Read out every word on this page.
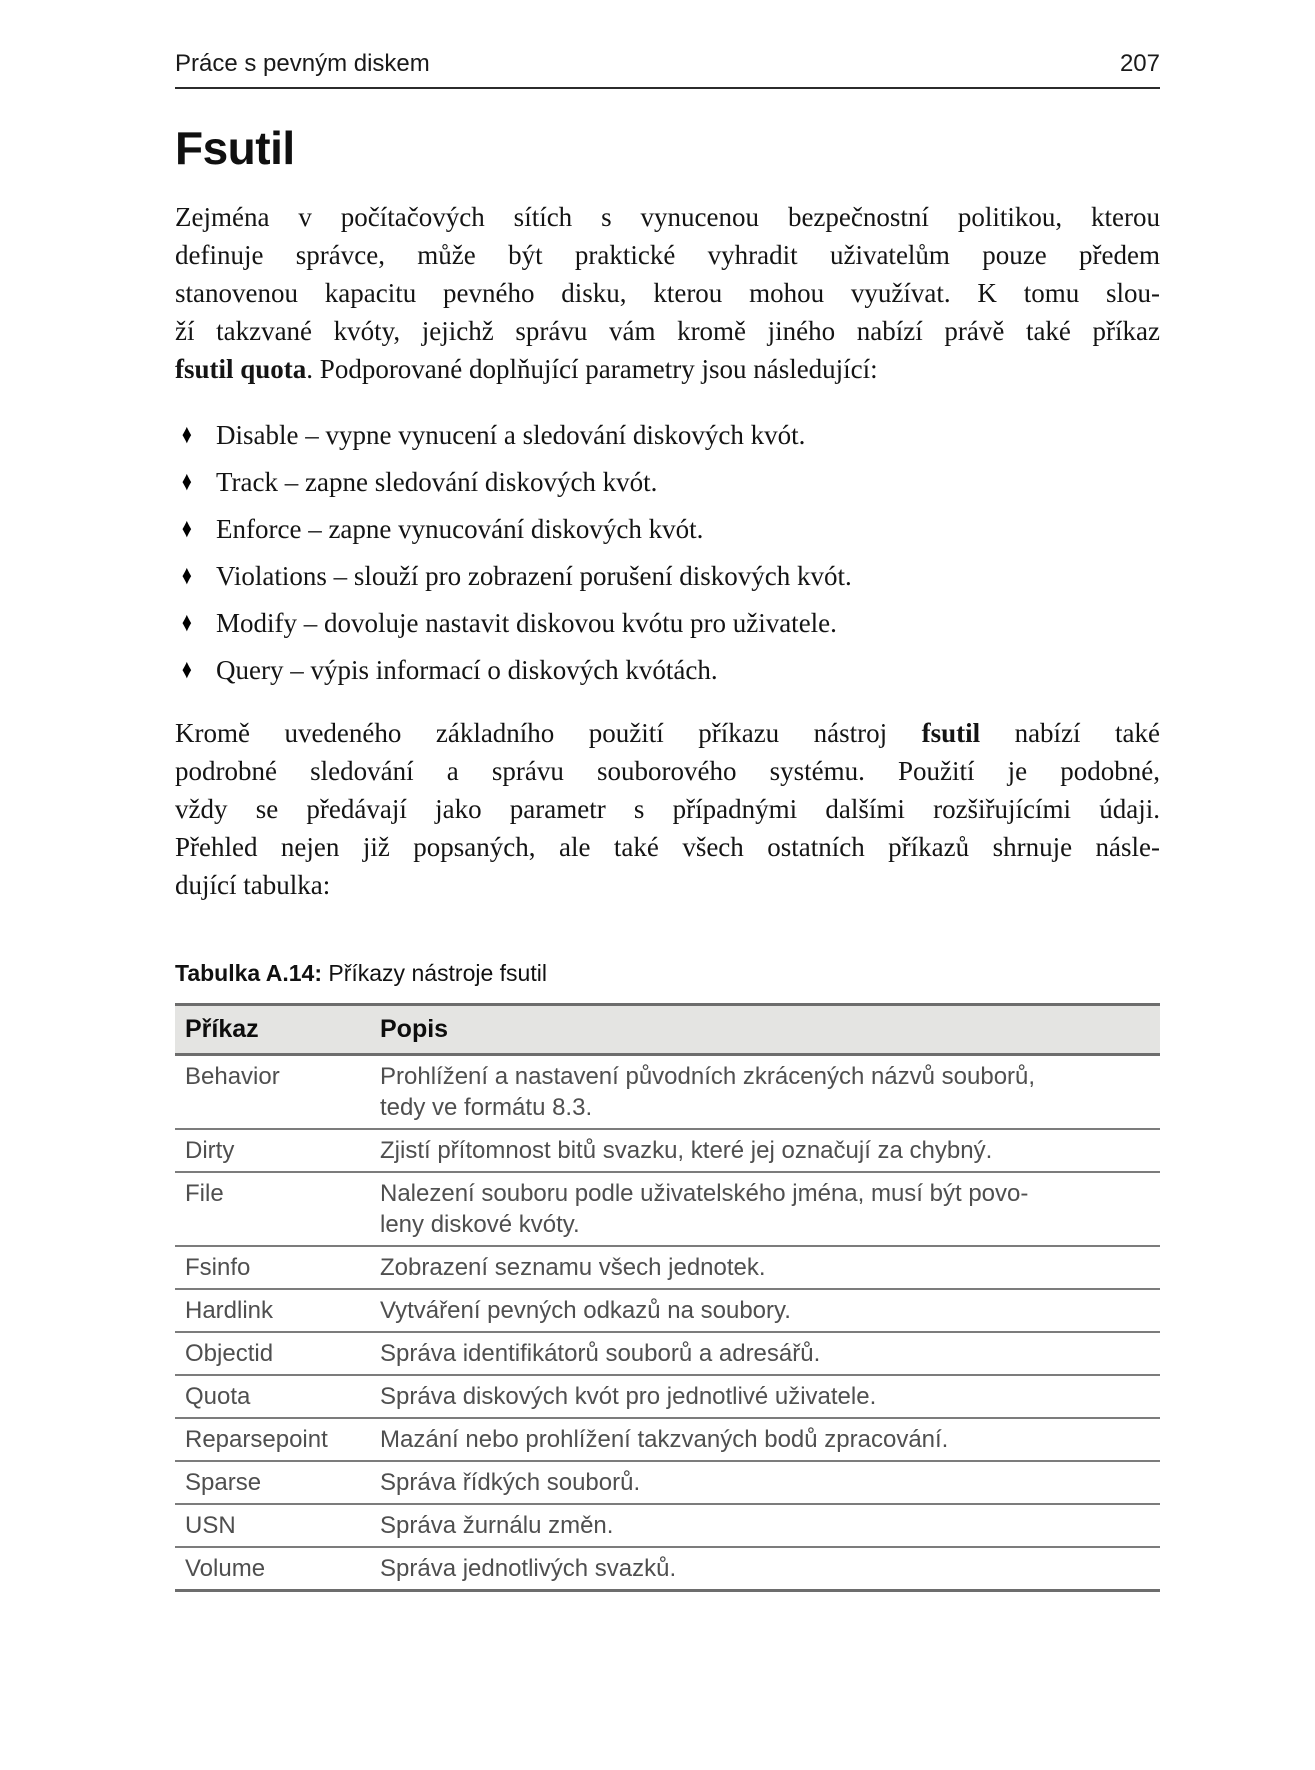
Práce s pevným diskem	207
Fsutil
Zejména v počítačových sítích s vynucenou bezpečnostní politikou, kterou
definuje správce, může být praktické vyhradit uživatelům pouze předem
stanovenou kapacitu pevného disku, kterou mohou využívat. K tomu slou-
ží takzvané kvóty, jejichž správu vám kromě jiného nabízí právě také příkaz
fsutil quota. Podporované doplňující parametry jsou následující:
♦ Disable – vypne vynucení a sledování diskových kvót.
♦ Track – zapne sledování diskových kvót.
♦ Enforce – zapne vynucování diskových kvót.
♦ Violations – slouží pro zobrazení porušení diskových kvót.
♦ Modify – dovoluje nastavit diskovou kvótu pro uživatele.
♦ Query – výpis informací o diskových kvótách.
Kromě uvedeného základního použití příkazu nástroj fsutil nabízí také
podrobné sledování a správu souborového systému. Použití je podobné,
vždy se předávají jako parametr s případnými dalšími rozšiřujícími údaji.
Přehled nejen již popsaných, ale také všech ostatních příkazů shrnuje násle-
dující tabulka:
Tabulka A.14: Příkazy nástroje fsutil
Příkaz	Popis
Behavior	Prohlížení a nastavení původních zkrácených názvů souborů,
tedy ve formátu 8.3.
Dirty	Zjistí přítomnost bitů svazku, které jej označují za chybný.
File	Nalezení souboru podle uživatelského jména, musí být povo-
leny diskové kvóty.
Fsinfo	Zobrazení seznamu všech jednotek.
Hardlink	Vytváření pevných odkazů na soubory.
Objectid	Správa identifikátorů souborů a adresářů.
Quota	Správa diskových kvót pro jednotlivé uživatele.
Reparsepoint	Mazání nebo prohlížení takzvaných bodů zpracování.
Sparse	Správa řídkých souborů.
USN	Správa žurnálu změn.
Volume	Správa jednotlivých svazků.
